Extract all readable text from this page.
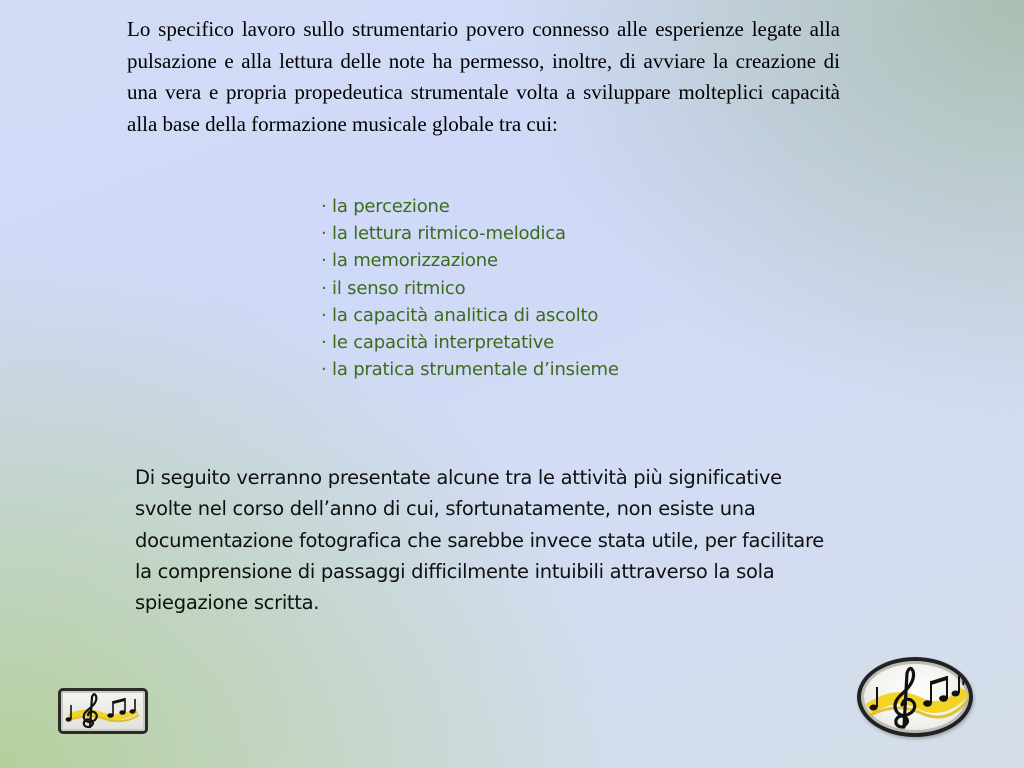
Lo specifico lavoro sullo strumentario povero connesso alle esperienze legate alla pulsazione e alla lettura delle note ha permesso, inoltre, di avviare la creazione di una vera e propria propedeutica strumentale volta a sviluppare molteplici capacità alla base della formazione musicale globale tra cui:

· la percezione
· la lettura ritmico-melodica
· la memorizzazione
· il senso ritmico
· la capacità analitica di ascolto
· le capacità interpretative
· la pratica strumentale d’insieme

Di seguito verranno presentate alcune tra le attività più significative svolte nel corso dell’anno di cui, sfortunatamente, non esiste una documentazione fotografica che sarebbe invece stata utile, per facilitare la comprensione di passaggi difficilmente intuibili attraverso la sola spiegazione scritta.
